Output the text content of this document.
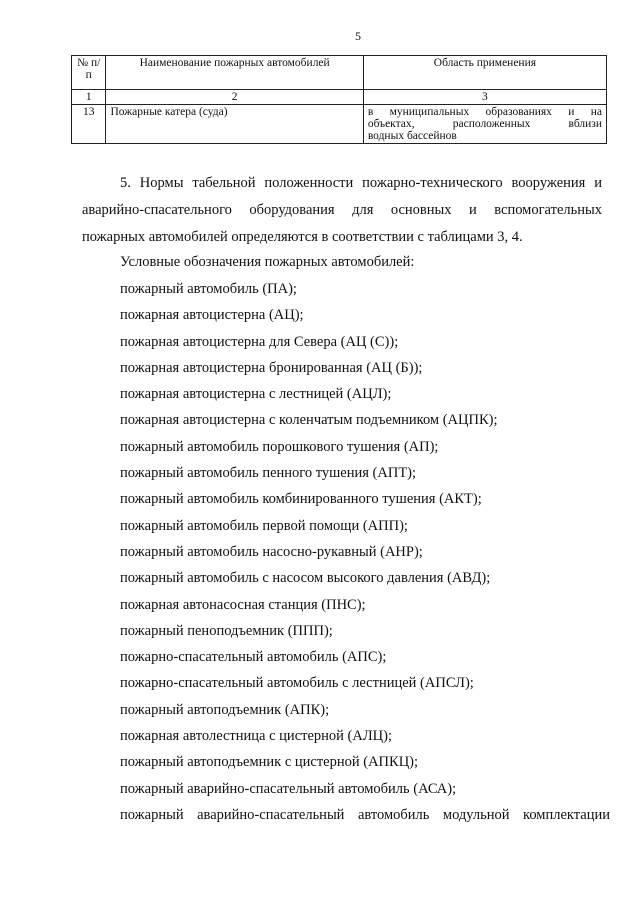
5
№ п/п	Наименование пожарных автомобилей	Область применения
1	2	3
13	Пожарные катера (суда)	в муниципальных образованиях и на
объектах, расположенных вблизи
водных бассейнов
5. Нормы табельной положенности пожарно-технического вооружения и
аварийно-спасательного оборудования для основных и вспомогательных
пожарных автомобилей определяются в соответствии с таблицами 3, 4.
Условные обозначения пожарных автомобилей:
пожарный автомобиль (ПА);
пожарная автоцистерна (АЦ);
пожарная автоцистерна для Севера (АЦ (С));
пожарная автоцистерна бронированная (АЦ (Б));
пожарная автоцистерна с лестницей (АЦЛ);
пожарная автоцистерна с коленчатым подъемником (АЦПК);
пожарный автомобиль порошкового тушения (АП);
пожарный автомобиль пенного тушения (АПТ);
пожарный автомобиль комбинированного тушения (АКТ);
пожарный автомобиль первой помощи (АПП);
пожарный автомобиль насосно-рукавный (АНР);
пожарный автомобиль с насосом высокого давления (АВД);
пожарная автонасосная станция (ПНС);
пожарный пеноподъемник (ППП);
пожарно-спасательный автомобиль (АПС);
пожарно-спасательный автомобиль с лестницей (АПСЛ);
пожарный автоподъемник (АПК);
пожарная автолестница с цистерной (АЛЦ);
пожарный автоподъемник с цистерной (АПКЦ);
пожарный аварийно-спасательный автомобиль (АСА);
пожарный аварийно-спасательный автомобиль модульной комплектации
